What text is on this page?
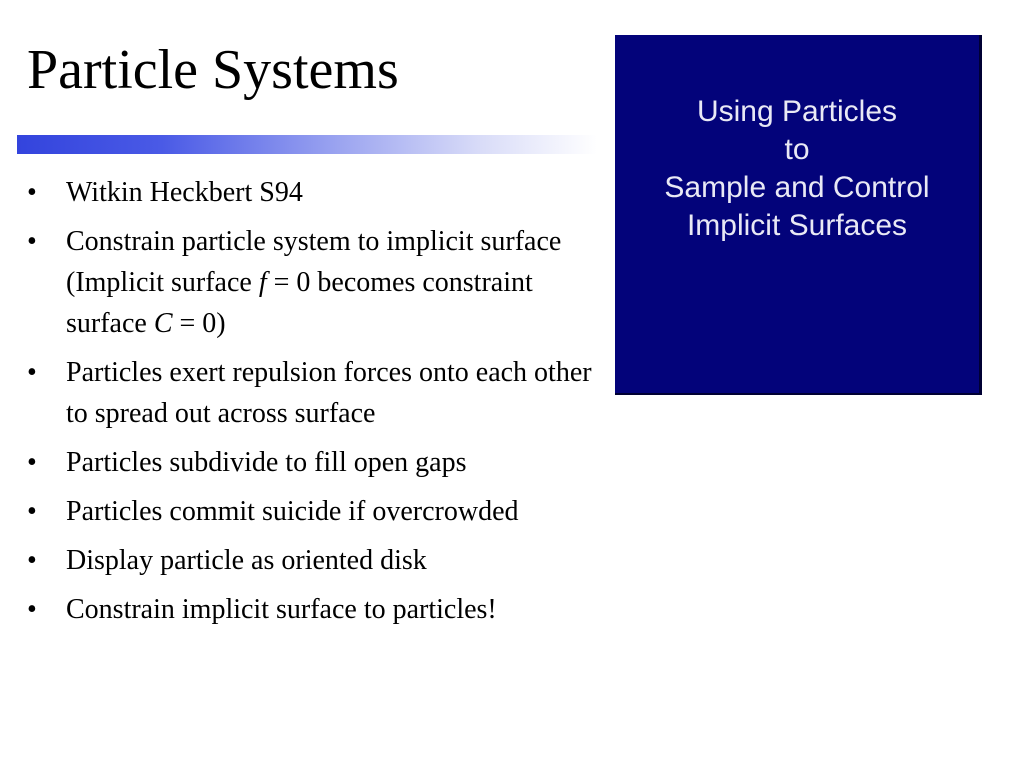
Particle Systems
•	Witkin Heckbert S94
•	Constrain particle system to implicit surface (Implicit surface f = 0 becomes constraint surface C = 0)
•	Particles exert repulsion forces onto each other to spread out across surface
•	Particles subdivide to fill open gaps
•	Particles commit suicide if overcrowded
•	Display particle as oriented disk
•	Constrain implicit surface to particles!
Using Particles
to
Sample and Control
Implicit Surfaces
